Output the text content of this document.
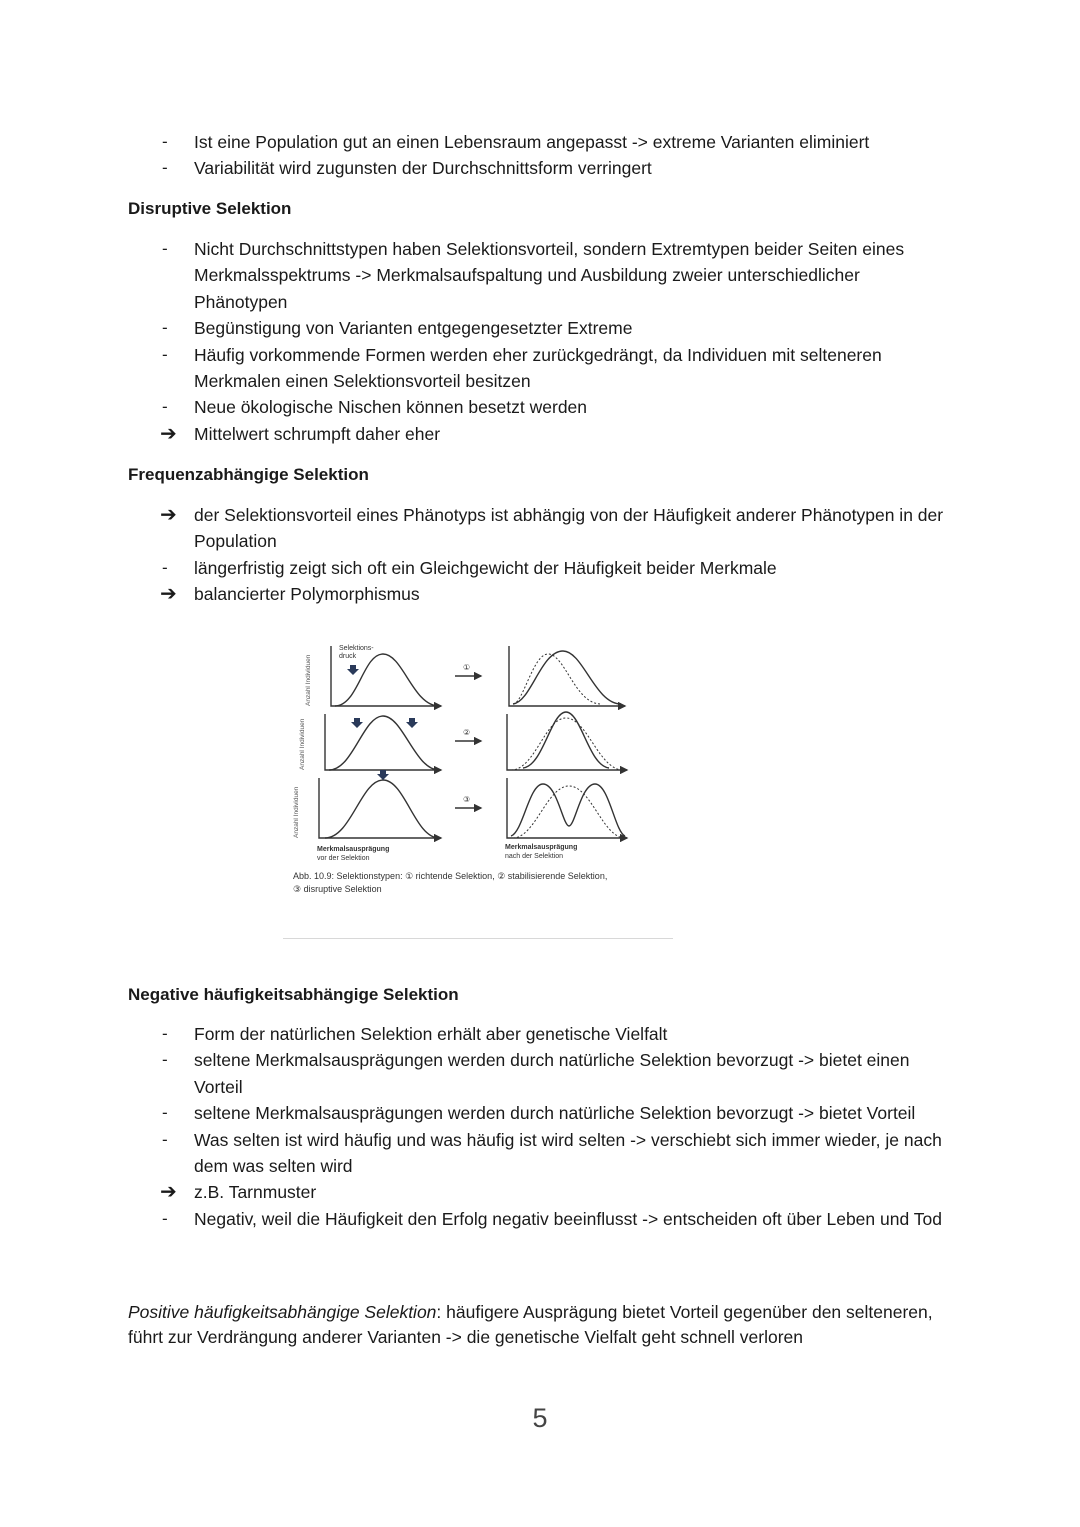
-	Ist eine Population gut an einen Lebensraum angepasst -> extreme Varianten eliminiert
-	Variabilität wird zugunsten der Durchschnittsform verringert
Disruptive Selektion
-	Nicht Durchschnittstypen haben Selektionsvorteil, sondern Extremtypen beider Seiten eines Merkmalsspektrums -> Merkmalsaufspaltung und Ausbildung zweier unterschiedlicher Phänotypen
-	Begünstigung von Varianten entgegengesetzter Extreme
-	Häufig vorkommende Formen werden eher zurückgedrängt, da Individuen mit selteneren Merkmalen einen Selektionsvorteil besitzen
-	Neue ökologische Nischen können besetzt werden
➔ Mittelwert schrumpft daher eher
Frequenzabhängige Selektion
➔ der Selektionsvorteil eines Phänotyps ist abhängig von der Häufigkeit anderer Phänotypen in der Population
-	längerfristig zeigt sich oft ein Gleichgewicht der Häufigkeit beider Merkmale
➔ balancierter Polymorphismus
Selektions-
druck
Anzahl Individuen
Anzahl Individuen
Anzahl Individuen
①
②
③
Merkmalsausprägung
vor der Selektion
Merkmalsausprägung
nach der Selektion
Abb. 10.9: Selektionstypen: ① richtende Selektion, ② stabilisierende Selektion,
③ disruptive Selektion
Negative häufigkeitsabhängige Selektion
-	Form der natürlichen Selektion erhält aber genetische Vielfalt
-	seltene Merkmalsausprägungen werden durch natürliche Selektion bevorzugt -> bietet einen Vorteil
-	seltene Merkmalsausprägungen werden durch natürliche Selektion bevorzugt -> bietet Vorteil
-	Was selten ist wird häufig und was häufig ist wird selten -> verschiebt sich immer wieder, je nach dem was selten wird
➔ z.B. Tarnmuster
-	Negativ, weil die Häufigkeit den Erfolg negativ beeinflusst -> entscheiden oft über Leben und Tod
Positive häufigkeitsabhängige Selektion: häufigere Ausprägung bietet Vorteil gegenüber den selteneren, führt zur Verdrängung anderer Varianten -> die genetische Vielfalt geht schnell verloren
5
